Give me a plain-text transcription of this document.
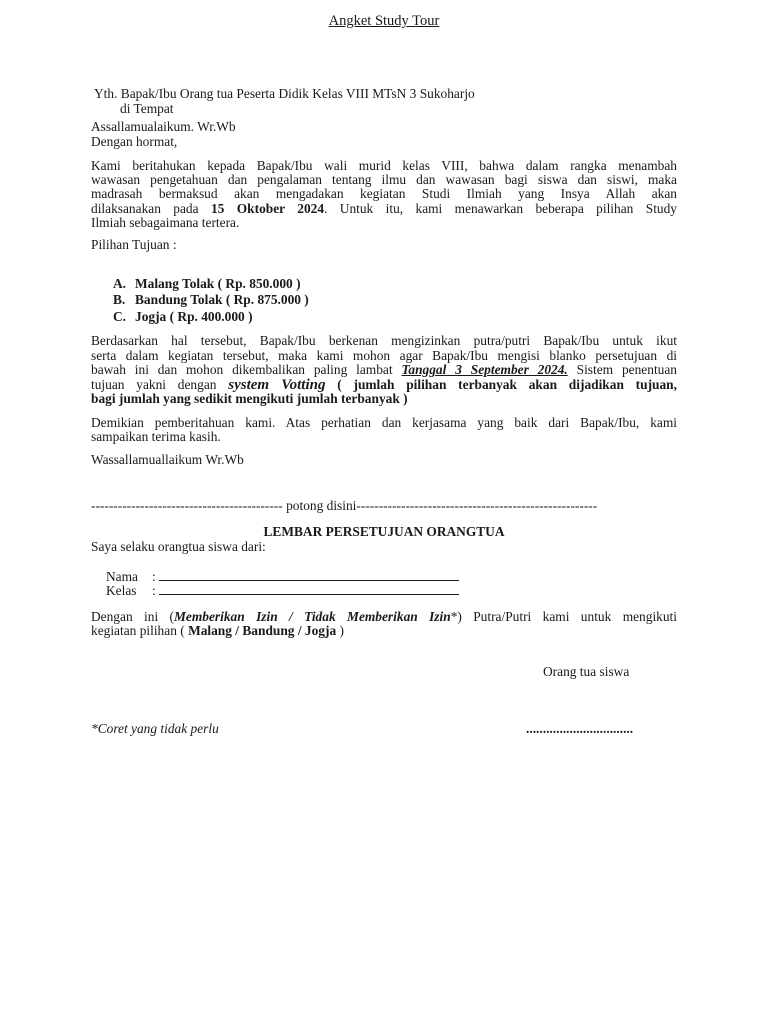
Angket Study Tour
Yth. Bapak/Ibu Orang tua Peserta Didik Kelas VIII MTsN 3 Sukoharjo
di Tempat
Assallamualaikum. Wr.Wb
Dengan hormat,
Kami beritahukan kepada Bapak/Ibu wali murid kelas VIII, bahwa dalam rangka menambah
wawasan pengetahuan dan pengalaman tentang ilmu dan wawasan bagi siswa dan siswi, maka
madrasah bermaksud akan mengadakan kegiatan Studi Ilmiah yang Insya Allah akan
dilaksanakan pada 15 Oktober 2024. Untuk itu, kami menawarkan beberapa pilihan Study
Ilmiah sebagaimana tertera.
Pilihan Tujuan :
A. Malang Tolak ( Rp. 850.000 )
B. Bandung Tolak ( Rp. 875.000 )
C. Jogja ( Rp. 400.000 )
Berdasarkan hal tersebut, Bapak/Ibu berkenan mengizinkan putra/putri Bapak/Ibu untuk ikut
serta dalam kegiatan tersebut, maka kami mohon agar Bapak/Ibu mengisi blanko persetujuan di
bawah ini dan mohon dikembalikan paling lambat Tanggal 3 September 2024. Sistem penentuan
tujuan yakni dengan system Votting ( jumlah pilihan terbanyak akan dijadikan tujuan,
bagi jumlah yang sedikit mengikuti jumlah terbanyak )
Demikian pemberitahuan kami. Atas perhatian dan kerjasama yang baik dari Bapak/Ibu, kami
sampaikan terima kasih.
Wassallamuallaikum Wr.Wb
------------------------------------------- potong disini------------------------------------------------------
LEMBAR PERSETUJUAN ORANGTUA
Saya selaku orangtua siswa dari:
Nama :
Kelas :
Dengan ini (Memberikan Izin / Tidak Memberikan Izin*) Putra/Putri kami untuk mengikuti
kegiatan pilihan ( Malang / Bandung / Jogja )
Orang tua siswa
*Coret yang tidak perlu	................................
